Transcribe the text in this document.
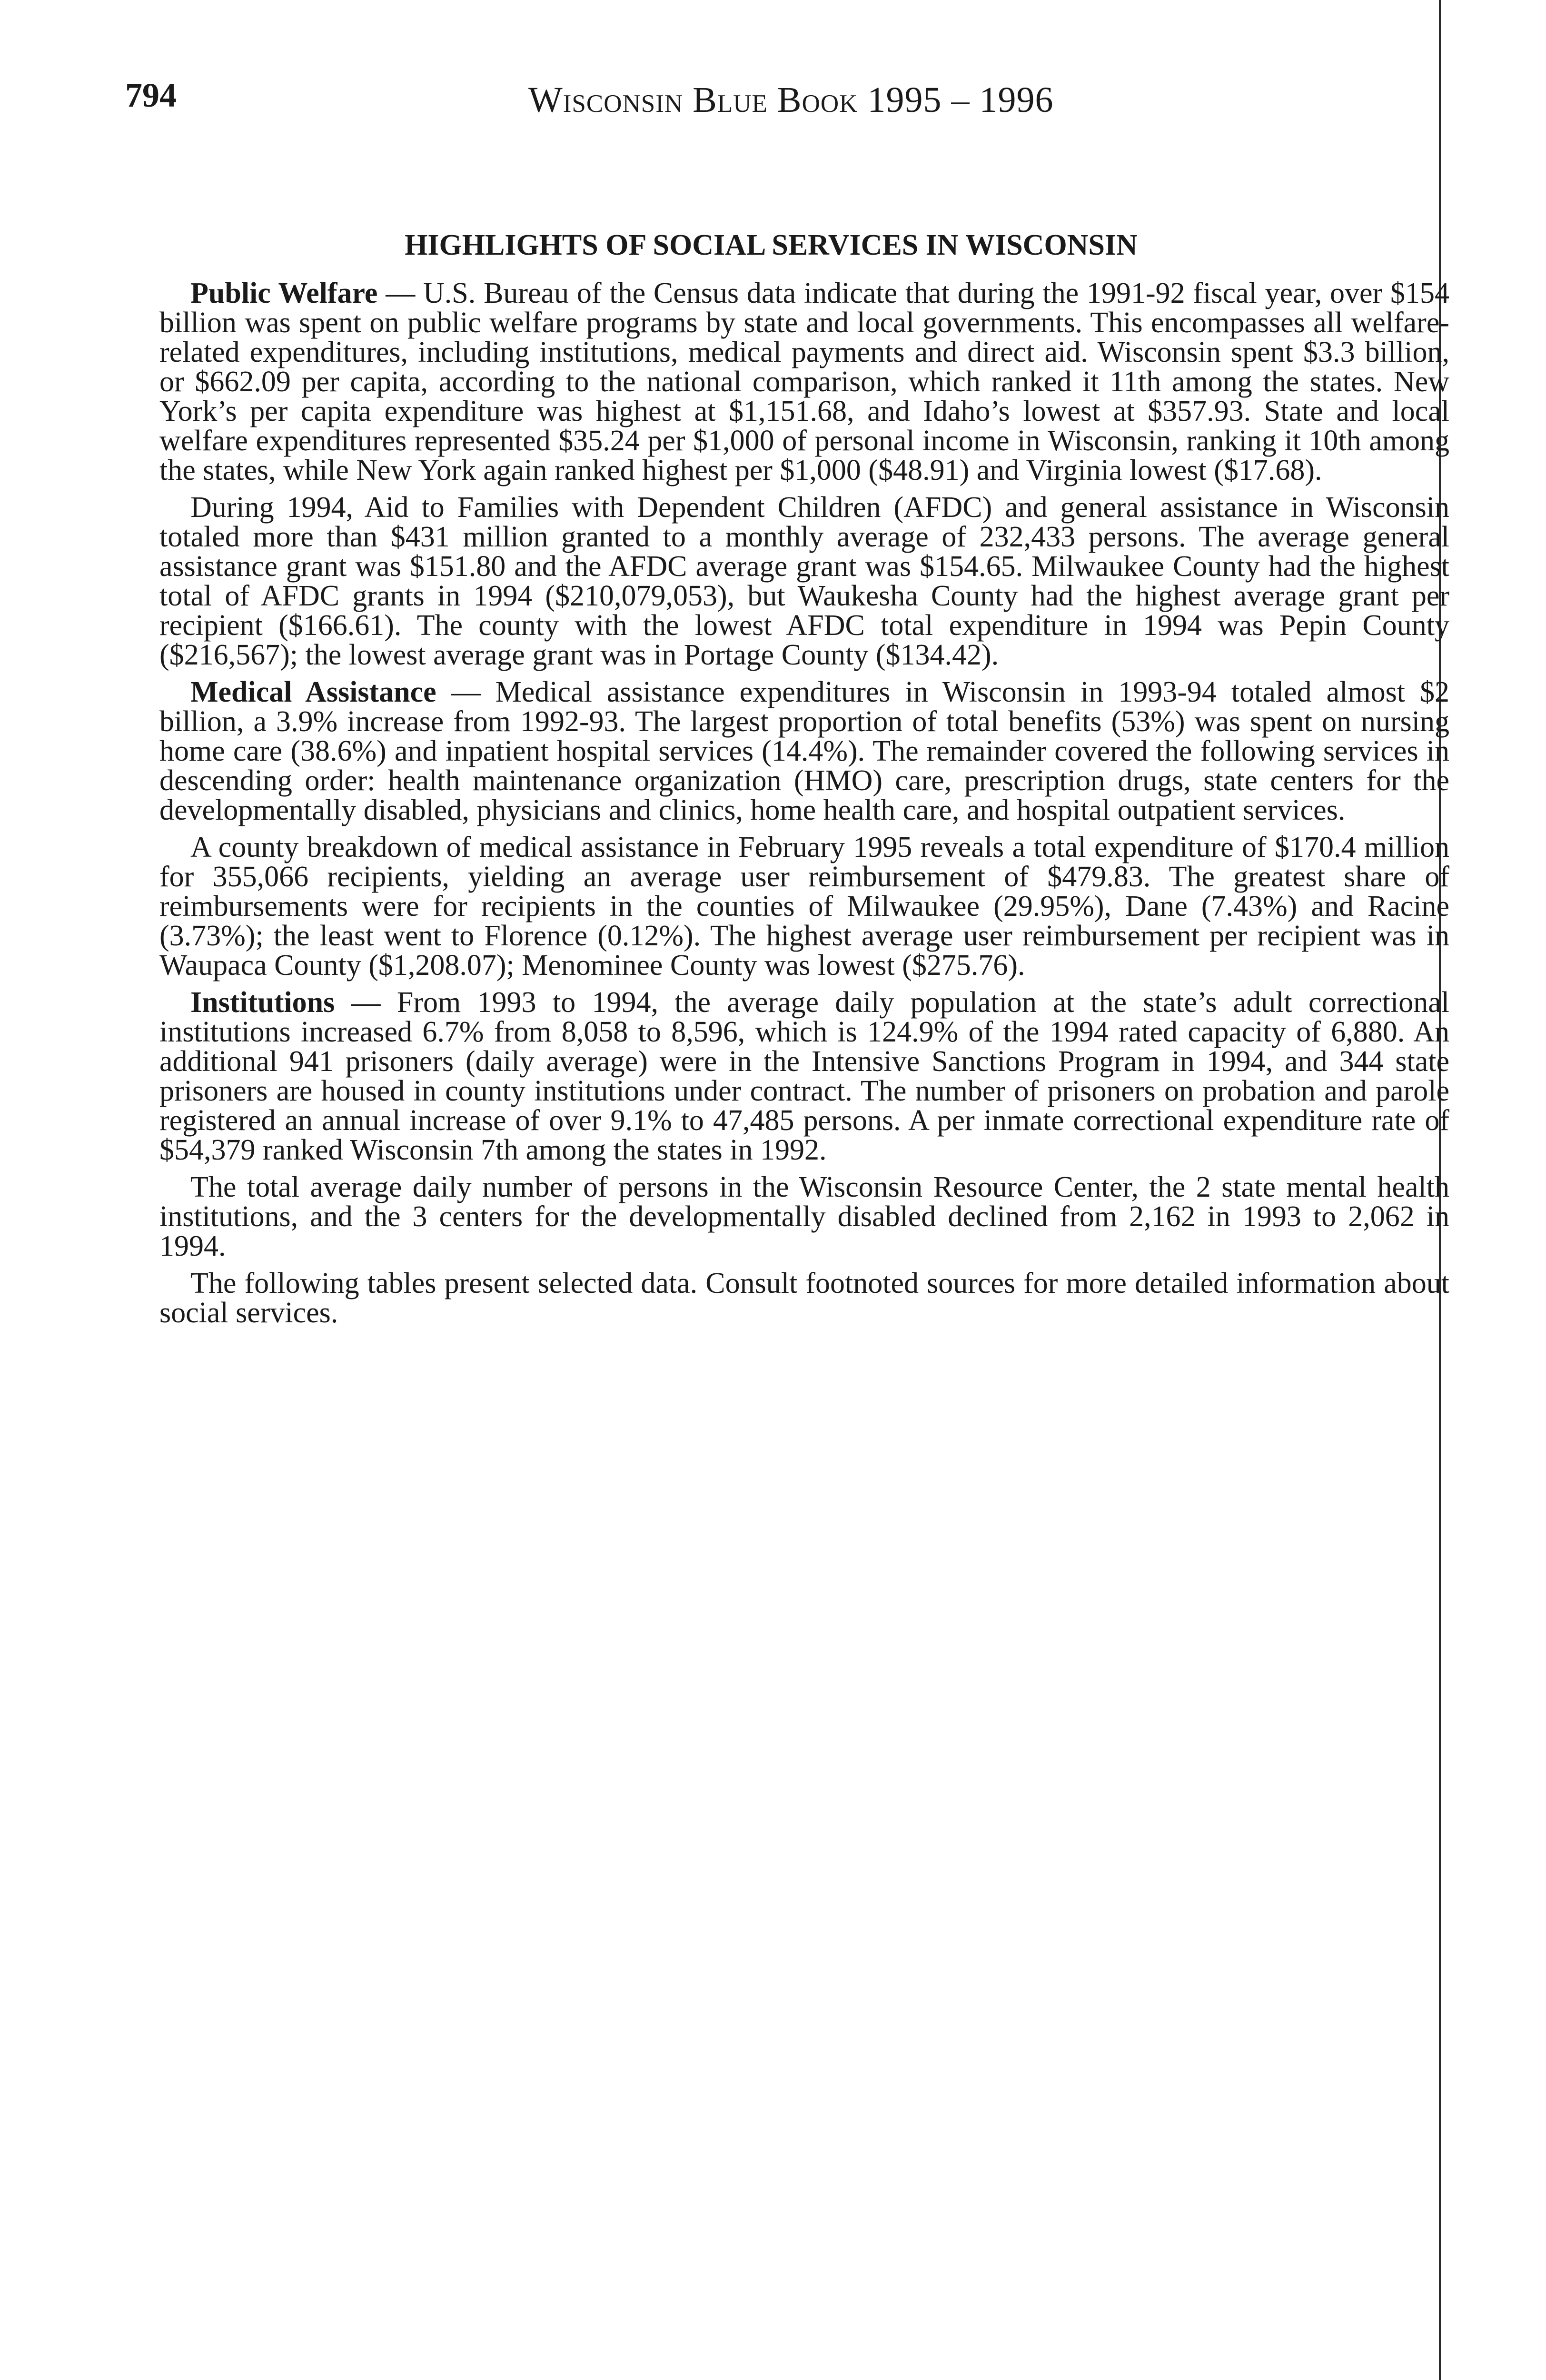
794	Wisconsin Blue Book 1995 – 1996
HIGHLIGHTS OF SOCIAL SERVICES IN WISCONSIN

Public Welfare — U.S. Bureau of the Census data indicate that during the 1991-92 fiscal year, over $154 billion was spent on public welfare programs by state and local governments. This encompasses all welfare-related expenditures, including institutions, medical payments and direct aid. Wisconsin spent $3.3 billion, or $662.09 per capita, according to the national comparison, which ranked it 11th among the states. New York’s per capita expenditure was highest at $1,151.68, and Idaho’s lowest at $357.93. State and local welfare expenditures represented $35.24 per $1,000 of personal income in Wisconsin, ranking it 10th among the states, while New York again ranked highest per $1,000 ($48.91) and Virginia lowest ($17.68).

During 1994, Aid to Families with Dependent Children (AFDC) and general assistance in Wisconsin totaled more than $431 million granted to a monthly average of 232,433 persons. The average general assistance grant was $151.80 and the AFDC average grant was $154.65. Milwaukee County had the highest total of AFDC grants in 1994 ($210,079,053), but Waukesha County had the highest average grant per recipient ($166.61). The county with the lowest AFDC total expenditure in 1994 was Pepin County ($216,567); the lowest average grant was in Portage County ($134.42).

Medical Assistance — Medical assistance expenditures in Wisconsin in 1993-94 totaled almost $2 billion, a 3.9% increase from 1992-93. The largest proportion of total benefits (53%) was spent on nursing home care (38.6%) and inpatient hospital services (14.4%). The remainder covered the following services in descending order: health maintenance organization (HMO) care, prescription drugs, state centers for the developmentally disabled, physicians and clinics, home health care, and hospital outpatient services.

A county breakdown of medical assistance in February 1995 reveals a total expenditure of $170.4 million for 355,066 recipients, yielding an average user reimbursement of $479.83. The greatest share of reimbursements were for recipients in the counties of Milwaukee (29.95%), Dane (7.43%) and Racine (3.73%); the least went to Florence (0.12%). The highest average user reimbursement per recipient was in Waupaca County ($1,208.07); Menominee County was lowest ($275.76).

Institutions — From 1993 to 1994, the average daily population at the state’s adult correctional institutions increased 6.7% from 8,058 to 8,596, which is 124.9% of the 1994 rated capacity of 6,880. An additional 941 prisoners (daily average) were in the Intensive Sanctions Program in 1994, and 344 state prisoners are housed in county institutions under contract. The number of prisoners on probation and parole registered an annual increase of over 9.1% to 47,485 persons. A per inmate correctional expenditure rate of $54,379 ranked Wisconsin 7th among the states in 1992.

The total average daily number of persons in the Wisconsin Resource Center, the 2 state mental health institutions, and the 3 centers for the developmentally disabled declined from 2,162 in 1993 to 2,062 in 1994.

The following tables present selected data. Consult footnoted sources for more detailed information about social services.
